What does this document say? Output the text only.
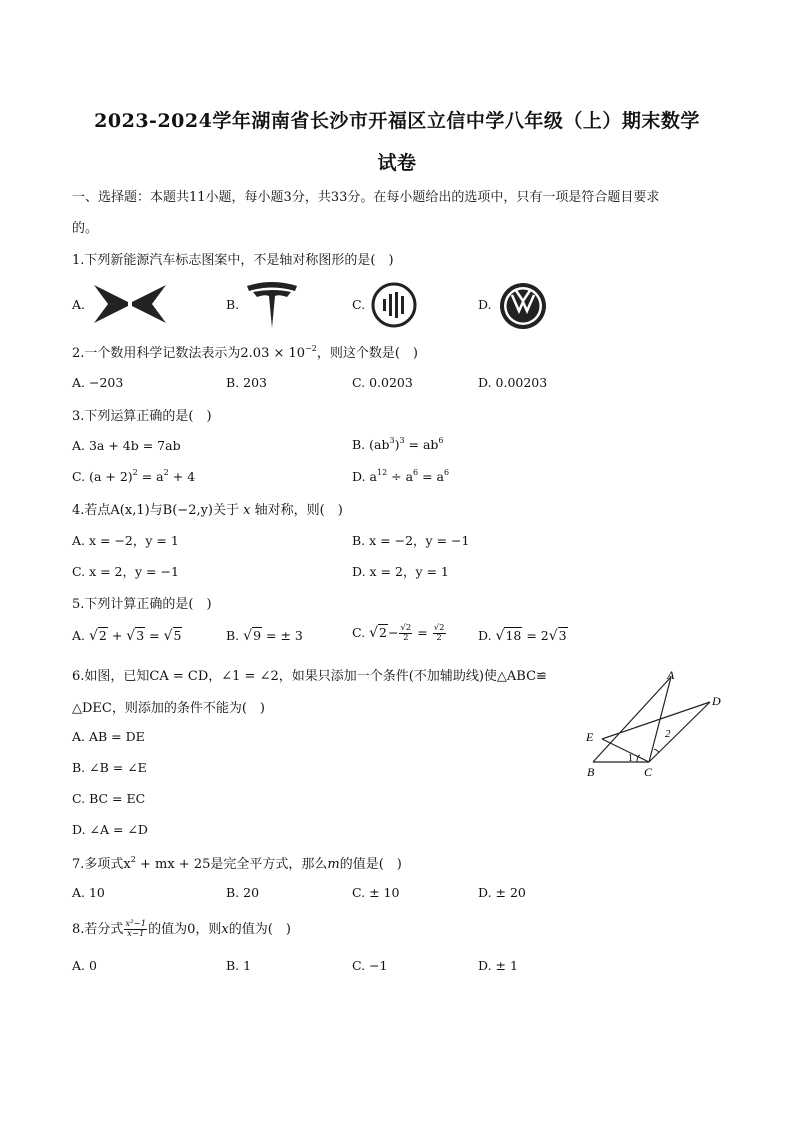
2023-2024学年湖南省长沙市开福区立信中学八年级（上）期末数学
试卷
一、选择题：本题共11小题，每小题3分，共33分。在每小题给出的选项中，只有一项是符合题目要求
的。
1.下列新能源汽车标志图案中，不是轴对称图形的是(　)
A.	B.	C.	D.
2.一个数用科学记数法表示为$2.03 \times 10^{-2}$，则这个数是(　)
A. −203	B. 203	C. 0.0203	D. 0.00203
3.下列运算正确的是(　)
A. 3a + 4b = 7ab	B. $(ab^3)^3 = ab^6$
C. $(a + 2)^2 = a^2 + 4$	D. $a^{12} \div a^6 = a^6$
4.若点A(x,1)与B(−2,y)关于 x 轴对称，则(　)
A. x = −2，y = 1	B. x = −2，y = −1
C. x = 2，y = −1	D. x = 2，y = 1
5.下列计算正确的是(　)
A. √2 + √3 = √5	B. √9 = ± 3	C. $√2- \frac{√2}{2} = \frac{√2}{2}$	D. √18 = 2√3
6.如图，已知CA = CD，∠1 = ∠2，如果只添加一个条件(不加辅助线)使△ABC≌
△DEC，则添加的条件不能为(　)
A. AB = DE
B. ∠B = ∠E
C. BC = EC
D. ∠A = ∠D
A
B	C
D
E
1
2
7.多项式$x^2$ + mx + 25是完全平方式，那么m的值是(　)
A. 10	B. 20	C. ± 10	D. ± 20
8.若分式 $\frac{\text{x²−1}}{x-1}$ 的值为0，则x的值为(　)
A. 0	B. 1	C. −1	D. ± 1
